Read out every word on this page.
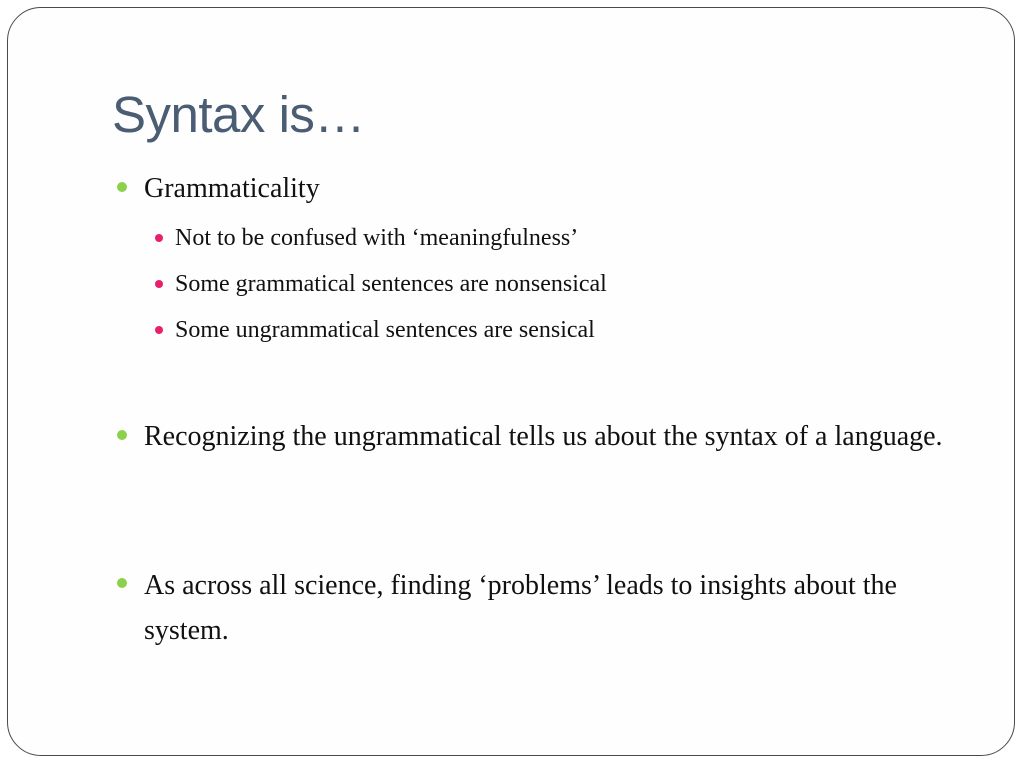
Syntax is…
Grammaticality
Not to be confused with ‘meaningfulness’
Some grammatical sentences are nonsensical
Some ungrammatical sentences are sensical
Recognizing the ungrammatical tells us about the syntax of a language.
As across all science, finding ‘problems’ leads to insights about the system.
